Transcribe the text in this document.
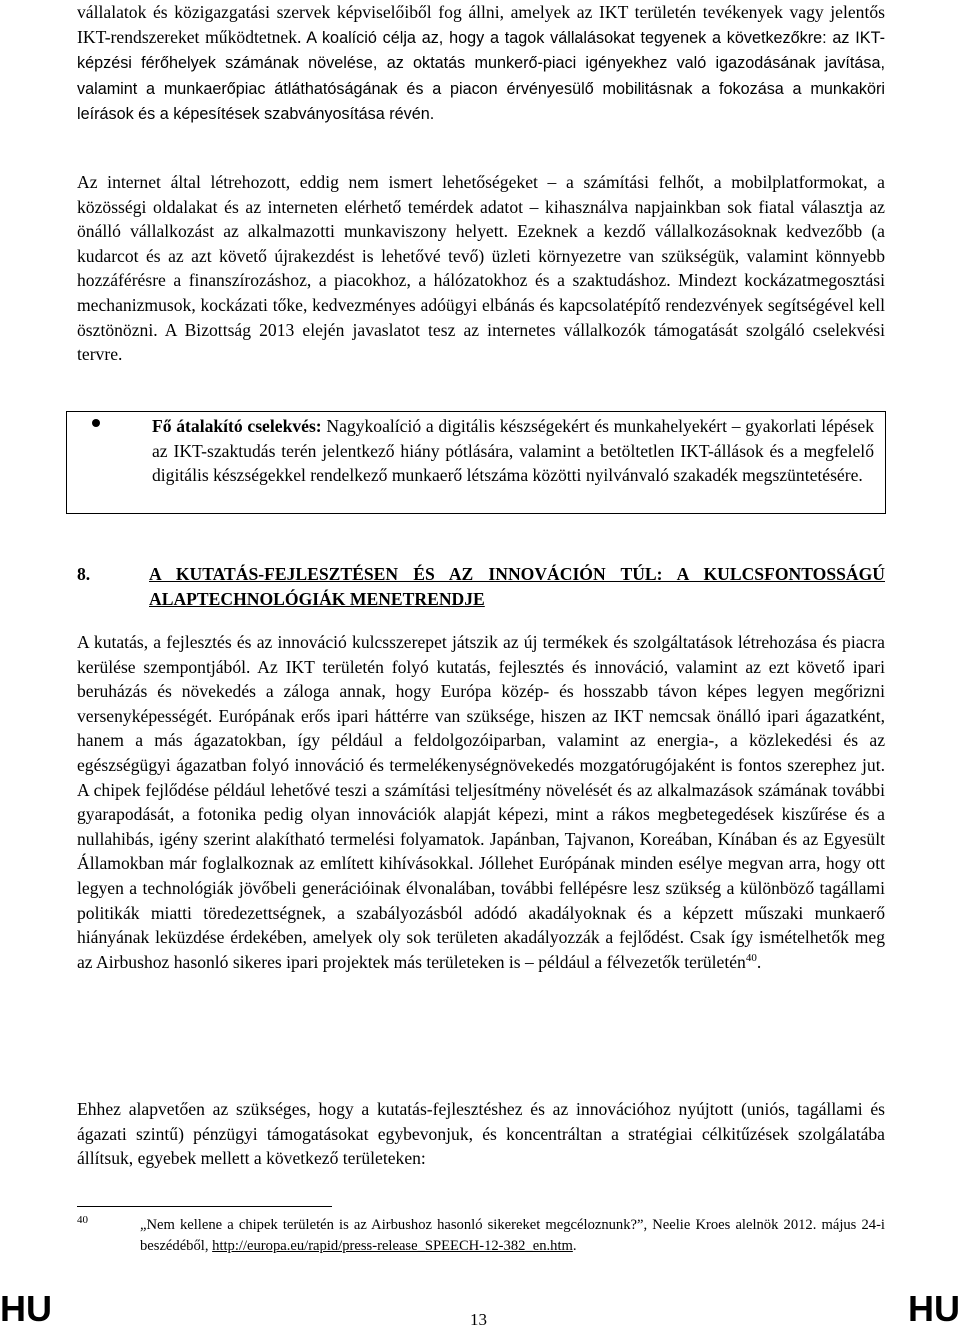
vállalatok és közigazgatási szervek képviselőiből fog állni, amelyek az IKT területén tevékenyek vagy jelentős IKT-rendszereket működtetnek. A koalíció célja az, hogy a tagok vállalásokat tegyenek a következőkre: az IKT-képzési férőhelyek számának növelése, az oktatás munkerő-piaci igényekhez való igazodásának javítása, valamint a munkaerőpiac átláthatóságának és a piacon érvényesülő mobilitásnak a fokozása a munkaköri leírások és a képesítések szabványosítása révén.

Az internet által létrehozott, eddig nem ismert lehetőségeket – a számítási felhőt, a mobilplatformokat, a közösségi oldalakat és az interneten elérhető temérdek adatot – kihasználva napjainkban sok fiatal választja az önálló vállalkozást az alkalmazotti munkaviszony helyett. Ezeknek a kezdő vállalkozásoknak kedvezőbb (a kudarcot és az azt követő újrakezdést is lehetővé tevő) üzleti környezetre van szükségük, valamint könnyebb hozzáférésre a finanszírozáshoz, a piacokhoz, a hálózatokhoz és a szaktudáshoz. Mindezt kockázatmegosztási mechanizmusok, kockázati tőke, kedvezményes adóügyi elbánás és kapcsolatépítő rendezvények segítségével kell ösztönözni. A Bizottság 2013 elején javaslatot tesz az internetes vállalkozók támogatását szolgáló cselekvési tervre.

Fő átalakító cselekvés: Nagykoalíció a digitális készségekért és munkahelyekért – gyakorlati lépések az IKT-szaktudás terén jelentkező hiány pótlására, valamint a betöltetlen IKT-állások és a megfelelő digitális készségekkel rendelkező munkaerő létszáma közötti nyilvánvaló szakadék megszüntetésére.
8.	A KUTATÁS-FEJLESZTÉSEN ÉS AZ INNOVÁCIÓN TÚL: A KULCSFONTOSSÁGÚ ALAPTECHNOLÓGIÁK MENETRENDJE

A kutatás, a fejlesztés és az innováció kulcsszerepet játszik az új termékek és szolgáltatások létrehozása és piacra kerülése szempontjából. Az IKT területén folyó kutatás, fejlesztés és innováció, valamint az ezt követő ipari beruházás és növekedés a záloga annak, hogy Európa közép- és hosszabb távon képes legyen megőrizni versenyképességét. Európának erős ipari háttérre van szüksége, hiszen az IKT nemcsak önálló ipari ágazatként, hanem a más ágazatokban, így például a feldolgozóiparban, valamint az energia-, a közlekedési és az egészségügyi ágazatban folyó innováció és termelékenységnövekedés mozgatórugójaként is fontos szerephez jut. A chipek fejlődése például lehetővé teszi a számítási teljesítmény növelését és az alkalmazások számának további gyarapodását, a fotonika pedig olyan innovációk alapját képezi, mint a rákos megbetegedések kiszűrése és a nullahibás, igény szerint alakítható termelési folyamatok. Japánban, Tajvanon, Koreában, Kínában és az Egyesült Államokban már foglalkoznak az említett kihívásokkal. Jóllehet Európának minden esélye megvan arra, hogy ott legyen a technológiák jövőbeli generációinak élvonalában, további fellépésre lesz szükség a különböző tagállami politikák miatti töredezettségnek, a szabályozásból adódó akadályoknak és a képzett műszaki munkaerő hiányának leküzdése érdekében, amelyek oly sok területen akadályozzák a fejlődést. Csak így ismételhetők meg az Airbushoz hasonló sikeres ipari projektek más területeken is – például a félvezetők területén$^{40}$.

Ehhez alapvetően az szükséges, hogy a kutatás-fejlesztéshez és az innovációhoz nyújtott (uniós, tagállami és ágazati szintű) pénzügyi támogatásokat egybevonjuk, és koncentráltan a stratégiai célkitűzések szolgálatába állítsuk, egyebek mellett a következő területeken:

40	„Nem kellene a chipek területén is az Airbushoz hasonló sikereket megcéloznunk?”, Neelie Kroes alelnök 2012. május 24-i beszédéből, http://europa.eu/rapid/press-release_SPEECH-12-382_en.htm.
HU	13	HU
